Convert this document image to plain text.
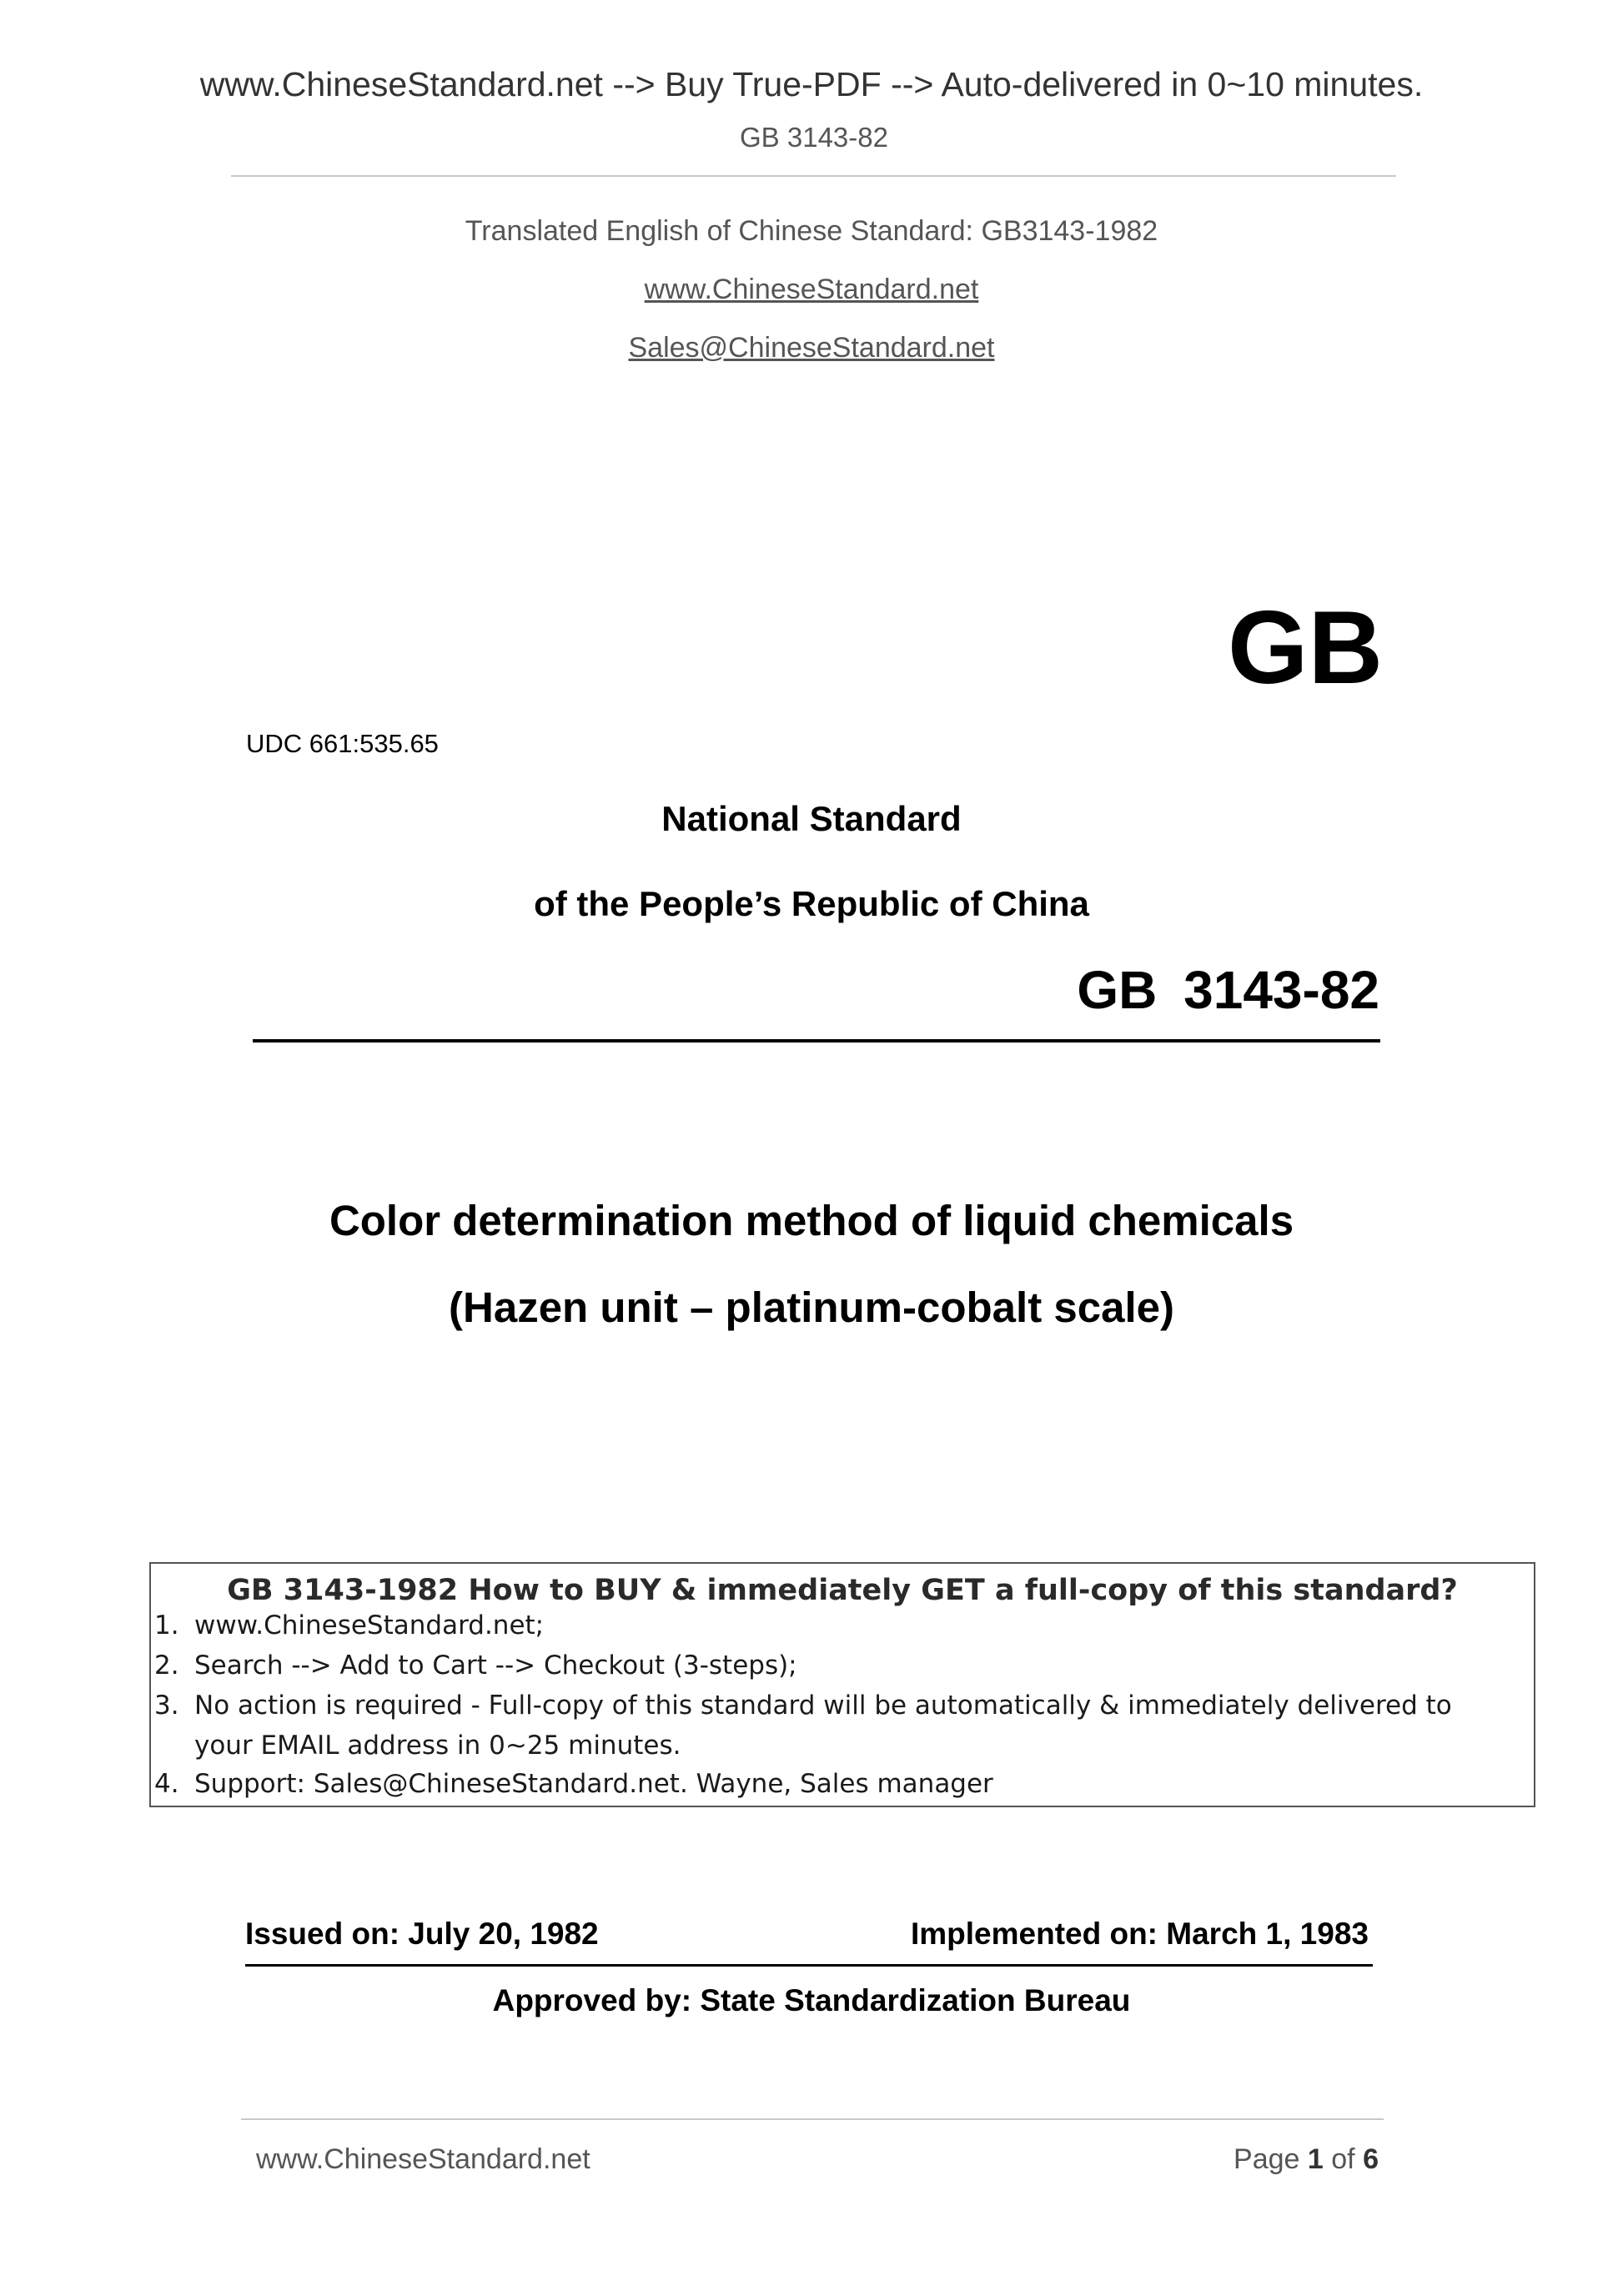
www.ChineseStandard.net --> Buy True-PDF --> Auto-delivered in 0~10 minutes.
GB 3143-82
Translated English of Chinese Standard: GB3143-1982
www.ChineseStandard.net
Sales@ChineseStandard.net
GB
UDC 661:535.65
National Standard
of the People’s Republic of China
GB 3143-82
Color determination method of liquid chemicals
(Hazen unit – platinum-cobalt scale)
GB 3143-1982 How to BUY & immediately GET a full-copy of this standard?
1. www.ChineseStandard.net;
2. Search --> Add to Cart --> Checkout (3-steps);
3. No action is required - Full-copy of this standard will be automatically & immediately delivered to
your EMAIL address in 0~25 minutes.
4. Support: Sales@ChineseStandard.net. Wayne, Sales manager
Issued on: July 20, 1982	Implemented on: March 1, 1983
Approved by: State Standardization Bureau
www.ChineseStandard.net	Page 1 of 6
